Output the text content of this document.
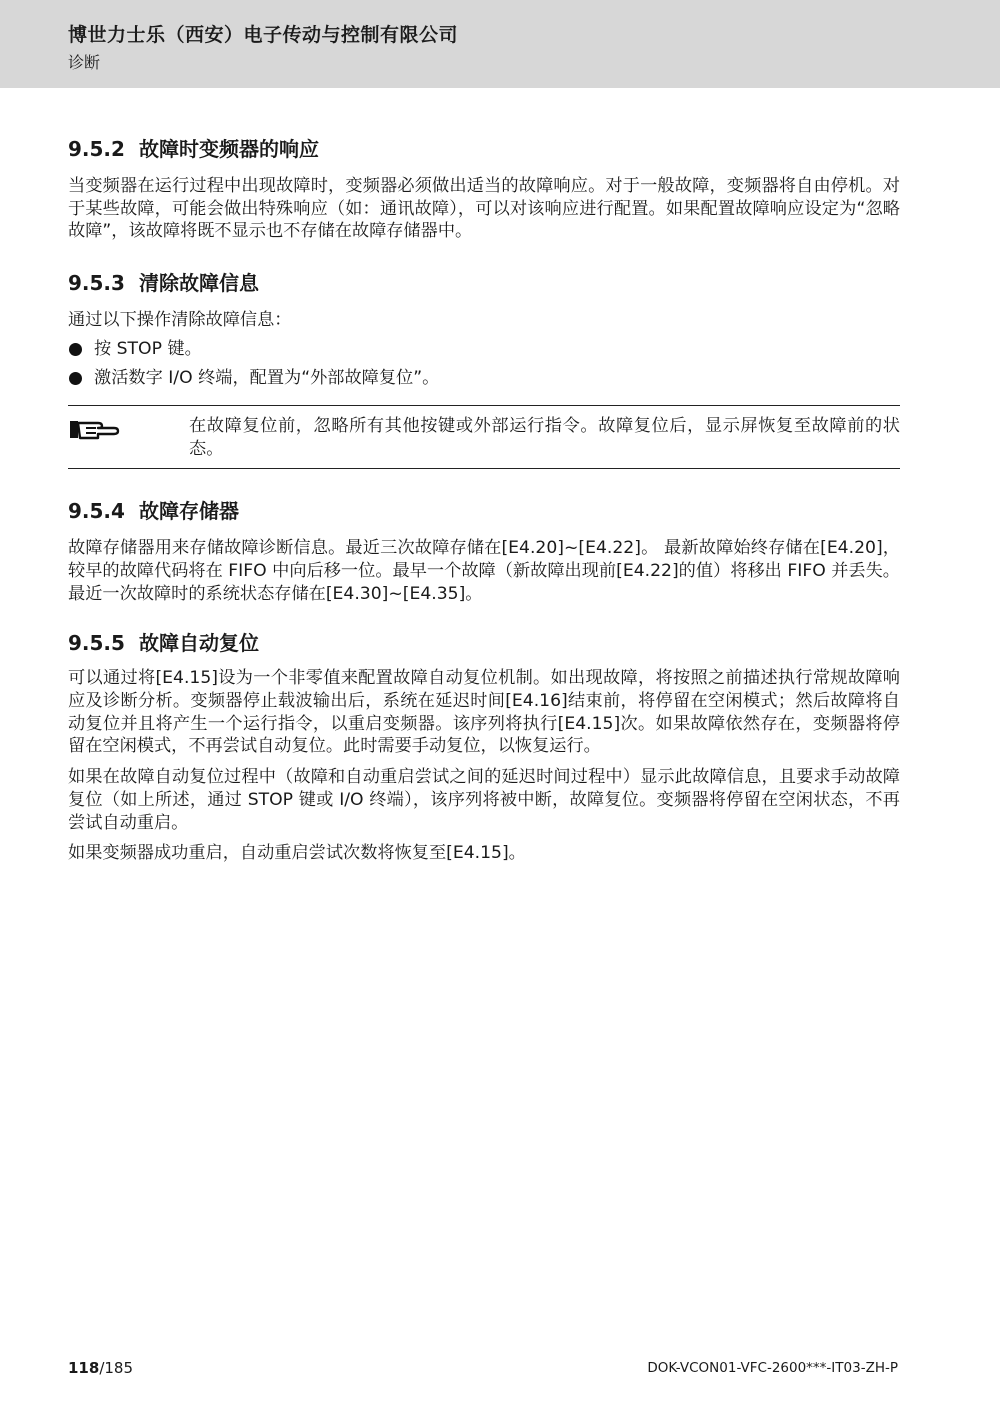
博世力士乐（西安）电子传动与控制有限公司
诊断
9.5.2 故障时变频器的响应

当变频器在运行过程中出现故障时，变频器必须做出适当的故障响应。对于一般故障，变频器将自由停机。对于某些故障，可能会做出特殊响应（如：通讯故障），可以对该响应进行配置。如果配置故障响应设定为“忽略故障”，该故障将既不显示也不存储在故障存储器中。

9.5.3 清除故障信息

通过以下操作清除故障信息：

按 STOP 键。
激活数字 I/O 终端，配置为“外部故障复位”。

在故障复位前，忽略所有其他按键或外部运行指令。故障复位后，显示屏恢复至故障前的状态。

9.5.4 故障存储器

故障存储器用来存储故障诊断信息。最近三次故障存储在[E4.20]~[E4.22]。 最新故障始终存储在[E4.20]，较早的故障代码将在 FIFO 中向后移一位。最早一个故障（新故障出现前[E4.22]的值）将移出 FIFO 并丢失。最近一次故障时的系统状态存储在[E4.30]~[E4.35]。

9.5.5 故障自动复位

可以通过将[E4.15]设为一个非零值来配置故障自动复位机制。如出现故障，将按照之前描述执行常规故障响应及诊断分析。变频器停止载波输出后，系统在延迟时间[E4.16]结束前，将停留在空闲模式；然后故障将自动复位并且将产生一个运行指令，以重启变频器。该序列将执行[E4.15]次。如果故障依然存在，变频器将停留在空闲模式，不再尝试自动复位。此时需要手动复位，以恢复运行。

如果在故障自动复位过程中（故障和自动重启尝试之间的延迟时间过程中）显示此故障信息，且要求手动故障复位（如上所述，通过 STOP 键或 I/O 终端），该序列将被中断，故障复位。变频器将停留在空闲状态，不再尝试自动重启。

如果变频器成功重启，自动重启尝试次数将恢复至[E4.15]。

118/185	DOK-VCON01-VFC-2600***-IT03-ZH-P
